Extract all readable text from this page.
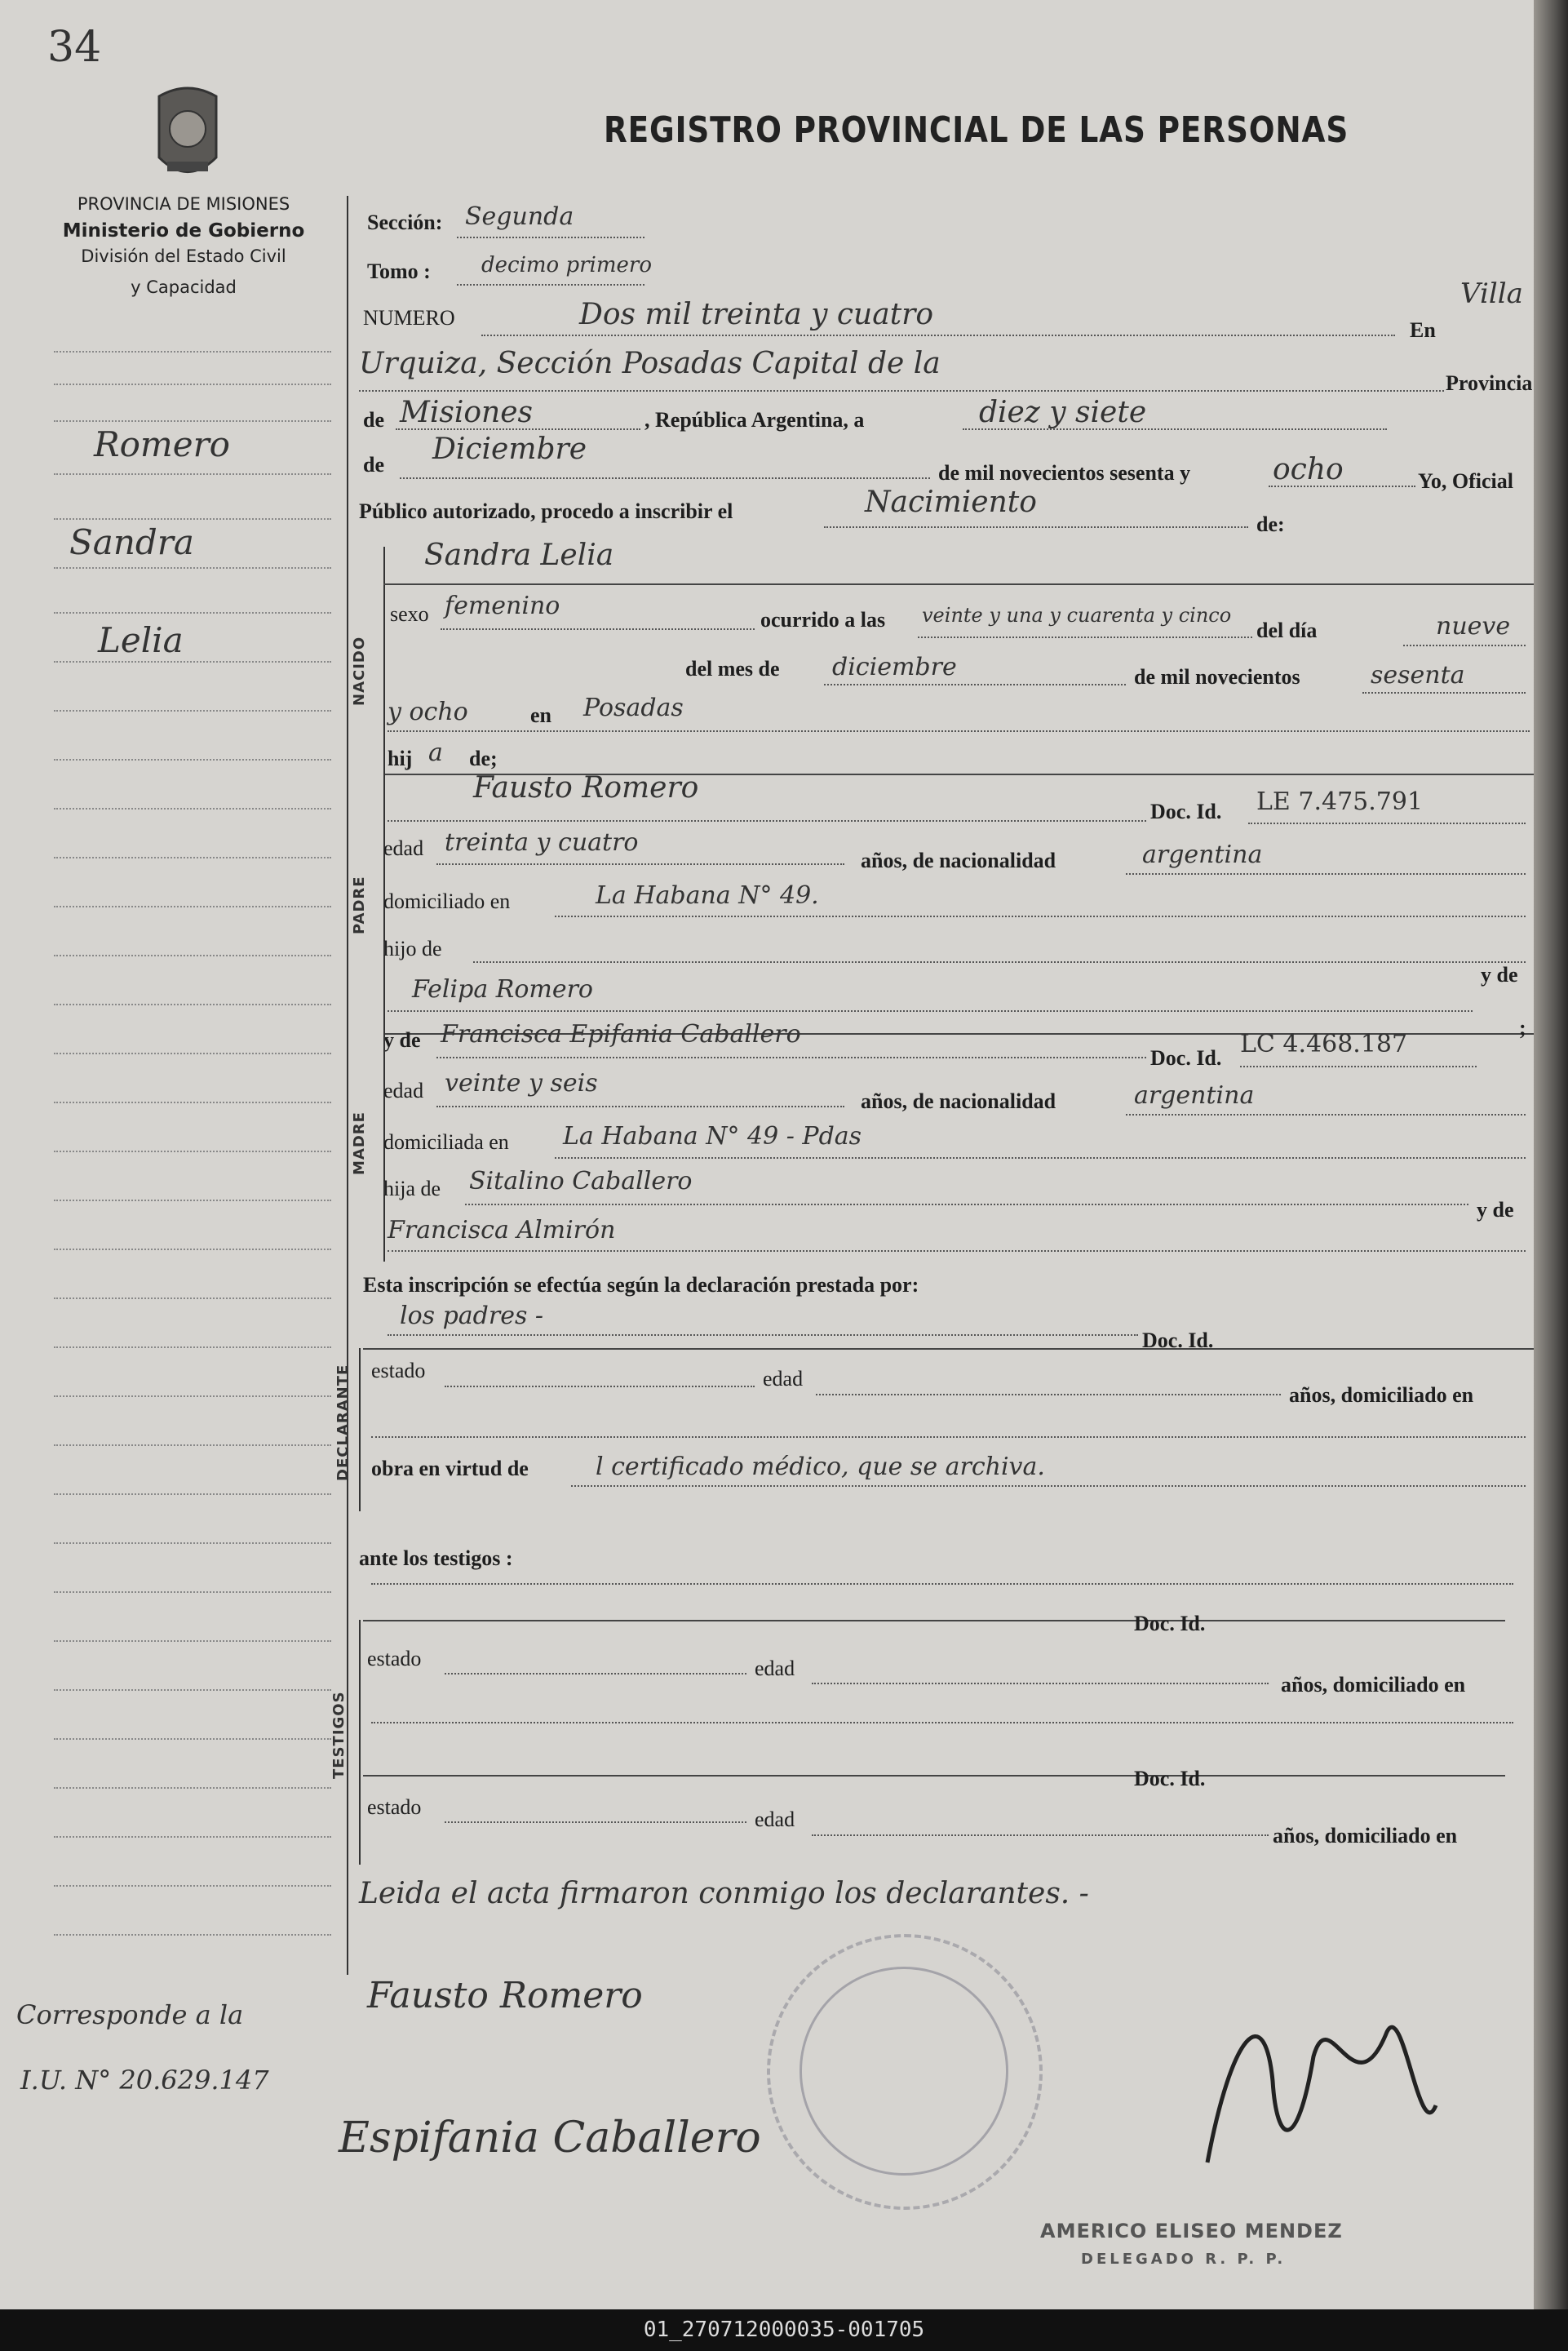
34
REGISTRO PROVINCIAL DE LAS PERSONAS
PROVINCIA DE MISIONES
Ministerio de Gobierno
División del Estado Civil
y Capacidad
Romero
Sandra
Lelia
Corresponde a la
I.U. N° 20.629.147
Sección: Segunda
Tomo : decimo primero
NUMERO	Dos mil treinta y cuatro	En
Villa
Urquiza, Sección Posadas Capital de la
Provincia
de Misiones	, República Argentina, a	diez y siete
de Diciembre
de mil novecientos sesenta y	ocho	Yo, Oficial
Público autorizado, procedo a inscribir el	Nacimiento
de:
NACIDO
Sandra Lelia
sexo femenino	ocurrido a las veinte y una y cuarenta y cinco
del día	nueve
del mes de diciembre	de mil novecientos	sesenta
y ocho	en Posadas
hij a de;
PADRE
Fausto Romero
Doc. Id. LE 7.475.791
edad treinta y cuatro
años, de nacionalidad	argentina
domiciliado en	La Habana N° 49.
hijo de
Felipa Romero
y de
y de Francisca Epifania Caballero
Doc. Id. LC 4.468.187
;
MADRE
edad veinte y seis
años, de nacionalidad	argentina
domiciliada en La Habana N° 49 - Pdas
hija de Sitalino Caballero
y de
Francisca Almirón
Esta inscripción se efectúa según la declaración prestada por:
los padres -
Doc. Id.
DECLARANTE estado	edad
años, domiciliado en
obra en virtud de	l certificado médico, que se archiva.
ante los testigos :
Doc. Id.
TESTIGOS
estado	edad
años, domiciliado en
Doc. Id.
estado
edad
años, domiciliado en
Leida el acta firmaron conmigo los declarantes. -
Fausto Romero
Espifania Caballero
AMERICO ELISEO MENDEZ
DELEGADO R. P. P.
01_270712000035-001705
